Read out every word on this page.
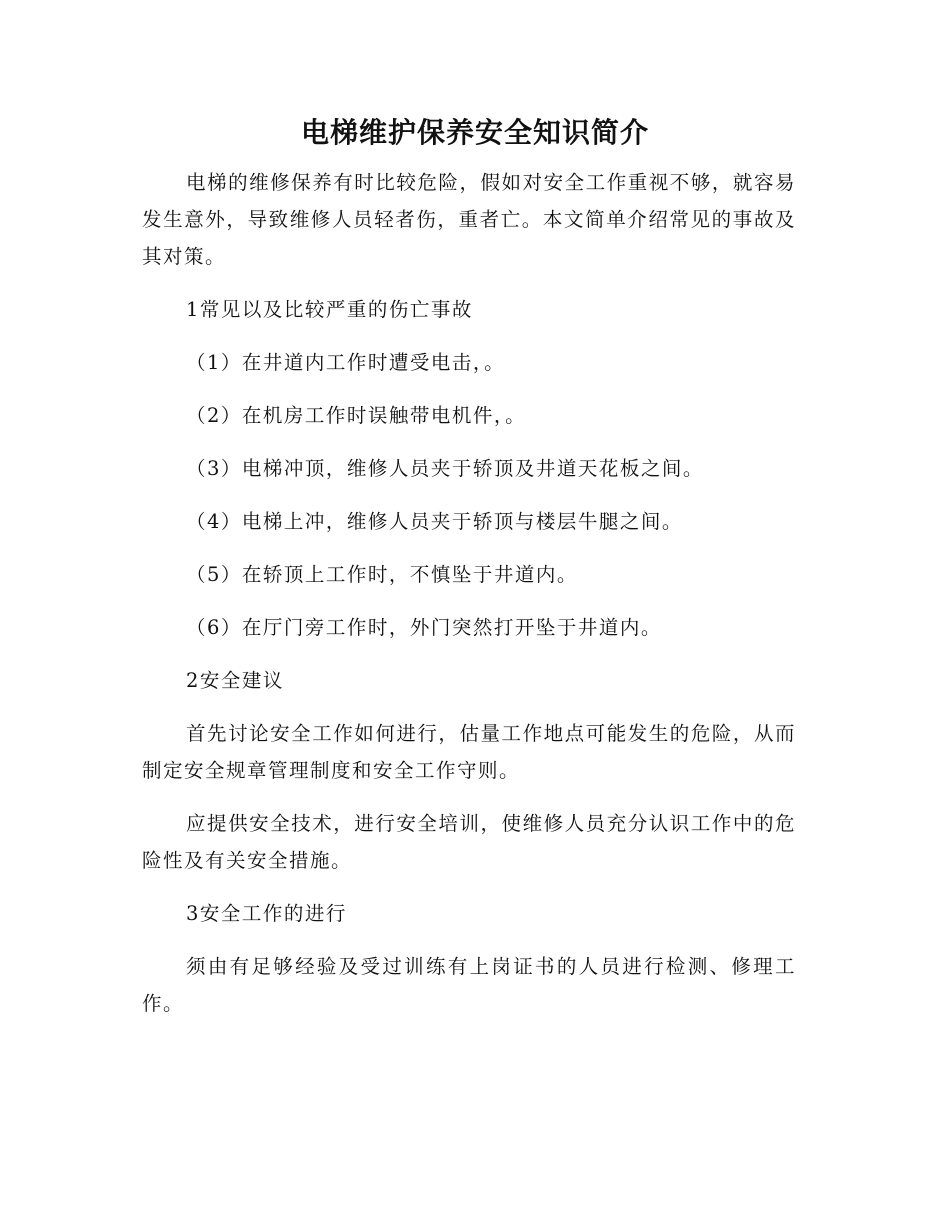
电梯维护保养安全知识简介

电梯的维修保养有时比较危险，假如对安全工作重视不够，就容易发生意外，导致维修人员轻者伤，重者亡。本文简单介绍常见的事故及其对策。

1常见以及比较严重的伤亡事故

（1）在井道内工作时遭受电击，。

（2）在机房工作时误触带电机件，。

（3）电梯冲顶，维修人员夹于轿顶及井道天花板之间。

（4）电梯上冲，维修人员夹于轿顶与楼层牛腿之间。

（5）在轿顶上工作时，不慎坠于井道内。

（6）在厅门旁工作时，外门突然打开坠于井道内。

2安全建议

首先讨论安全工作如何进行，估量工作地点可能发生的危险，从而制定安全规章管理制度和安全工作守则。

应提供安全技术，进行安全培训，使维修人员充分认识工作中的危险性及有关安全措施。

3安全工作的进行

须由有足够经验及受过训练有上岗证书的人员进行检测、修理工作。
